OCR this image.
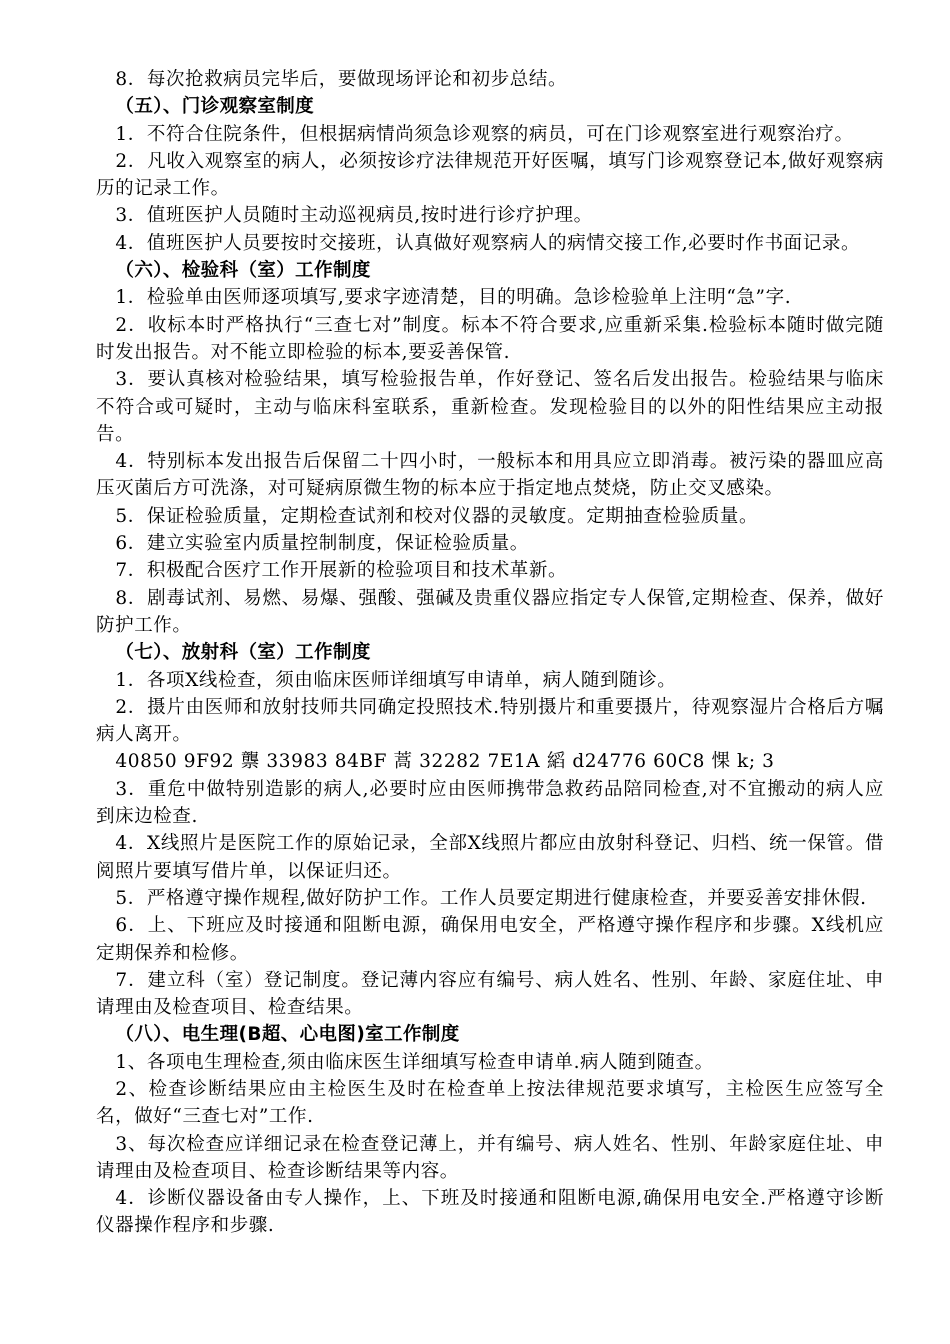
8．每次抢救病员完毕后，要做现场评论和初步总结。

（五）、门诊观察室制度

1．不符合住院条件，但根据病情尚须急诊观察的病员，可在门诊观察室进行观察治疗。

2．凡收入观察室的病人，必须按诊疗法律规范开好医嘱，填写门诊观察登记本,做好观察病历的记录工作。

3．值班医护人员随时主动巡视病员,按时进行诊疗护理。

4．值班医护人员要按时交接班，认真做好观察病人的病情交接工作,必要时作书面记录。

（六）、检验科（室）工作制度

1．检验单由医师逐项填写,要求字迹清楚，目的明确。急诊检验单上注明“急”字.

2．收标本时严格执行“三查七对”制度。标本不符合要求,应重新采集.检验标本随时做完随时发出报告。对不能立即检验的标本,要妥善保管.

3．要认真核对检验结果，填写检验报告单，作好登记、签名后发出报告。检验结果与临床不符合或可疑时，主动与临床科室联系，重新检查。发现检验目的以外的阳性结果应主动报告。

4．特别标本发出报告后保留二十四小时，一般标本和用具应立即消毒。被污染的器皿应高压灭菌后方可洗涤，对可疑病原微生物的标本应于指定地点焚烧，防止交叉感染。

5．保证检验质量，定期检查试剂和校对仪器的灵敏度。定期抽查检验质量。

6．建立实验室内质量控制制度，保证检验质量。

7．积极配合医疗工作开展新的检验项目和技术革新。

8．剧毒试剂、易燃、易爆、强酸、强碱及贵重仪器应指定专人保管,定期检查、保养，做好防护工作。

（七）、放射科（室）工作制度

1．各项X线检查，须由临床医师详细填写申请单，病人随到随诊。

2．摄片由医师和放射技师共同确定投照技术.特别摄片和重要摄片，待观察湿片合格后方嘱病人离开。

40850 9F92 龒 33983 84BF 蒿 32282 7E1A 縚 d24776 60C8 惈 k; 3

3．重危中做特别造影的病人,必要时应由医师携带急救药品陪同检查,对不宜搬动的病人应到床边检查.

4．X线照片是医院工作的原始记录，全部X线照片都应由放射科登记、归档、统一保管。借阅照片要填写借片单，以保证归还。

5．严格遵守操作规程,做好防护工作。工作人员要定期进行健康检查，并要妥善安排休假.

6．上、下班应及时接通和阻断电源，确保用电安全，严格遵守操作程序和步骤。X线机应定期保养和检修。

7．建立科（室）登记制度。登记薄内容应有编号、病人姓名、性别、年龄、家庭住址、申请理由及检查项目、检查结果。

（八）、电生理(B超、心电图)室工作制度

1、各项电生理检查,须由临床医生详细填写检查申请单.病人随到随查。

2、检查诊断结果应由主检医生及时在检查单上按法律规范要求填写，主检医生应签写全名，做好“三查七对”工作.

3、每次检查应详细记录在检查登记薄上，并有编号、病人姓名、性别、年龄家庭住址、申请理由及检查项目、检查诊断结果等内容。

4．诊断仪器设备由专人操作，上、下班及时接通和阻断电源,确保用电安全.严格遵守诊断仪器操作程序和步骤.
